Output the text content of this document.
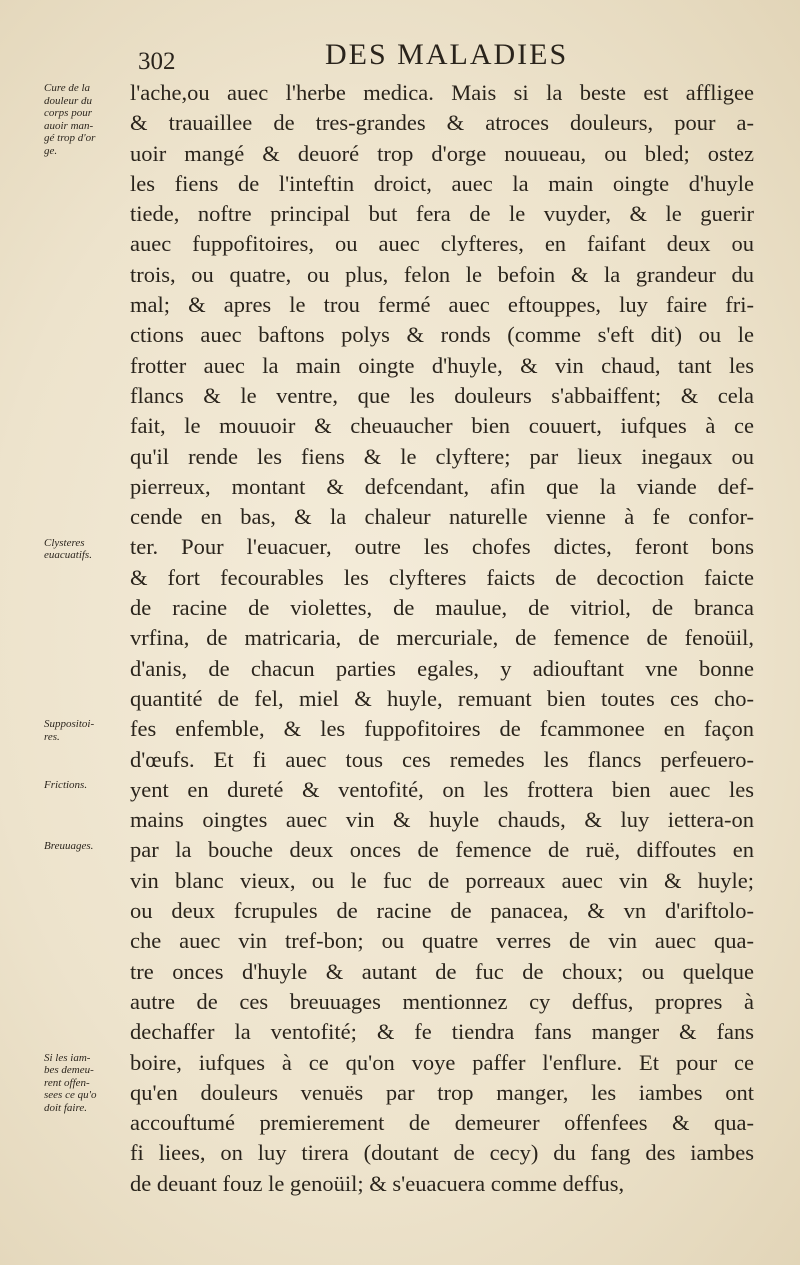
302	DES MALADIES
Cure de la
douleur du
corps pour
auoir man-
gé trop d'or
ge.
Clysteres
euacuatifs.
Suppositoi-
res.
Frictions.
Breuuages.
Si les iam-
bes demeu-
rent offen-
sees ce qu'o
doit faire.
l'ache,ou auec l'herbe medica. Mais si la beste est affligee
& trauaillee de tres-grandes & atroces douleurs, pour a-
uoir mangé & deuoré trop d'orge nouueau, ou bled; ostez
les fiens de l'inteftin droict, auec la main oingte d'huyle
tiede, noftre principal but fera de le vuyder, & le guerir
auec fuppofitoires, ou auec clyfteres, en faifant deux ou
trois, ou quatre, ou plus, felon le befoin & la grandeur du
mal; & apres le trou fermé auec eftouppes, luy faire fri-
ctions auec baftons polys & ronds (comme s'eft dit) ou le
frotter auec la main oingte d'huyle, & vin chaud, tant les
flancs & le ventre, que les douleurs s'abbaiffent; & cela
fait, le mouuoir & cheuaucher bien couuert, iufques à ce
qu'il rende les fiens & le clyftere; par lieux inegaux ou
pierreux, montant & defcendant, afin que la viande def-
cende en bas, & la chaleur naturelle vienne à fe confor-
ter. Pour l'euacuer, outre les chofes dictes, feront bons
& fort fecourables les clyfteres faicts de decoction faicte
de racine de violettes, de maulue, de vitriol, de branca
vrfina, de matricaria, de mercuriale, de femence de fenoüil,
d'anis, de chacun parties egales, y adiouftant vne bonne
quantité de fel, miel & huyle, remuant bien toutes ces cho-
fes enfemble, & les fuppofitoires de fcammonee en façon
d'œufs. Et fi auec tous ces remedes les flancs perfeuero-
yent en dureté & ventofité, on les frottera bien auec les
mains oingtes auec vin & huyle chauds, & luy iettera-on
par la bouche deux onces de femence de ruë, diffoutes en
vin blanc vieux, ou le fuc de porreaux auec vin & huyle;
ou deux fcrupules de racine de panacea, & vn d'ariftolo-
che auec vin tref-bon; ou quatre verres de vin auec qua-
tre onces d'huyle & autant de fuc de choux; ou quelque
autre de ces breuuages mentionnez cy deffus, propres à
dechaffer la ventofité; & fe tiendra fans manger & fans
boire, iufques à ce qu'on voye paffer l'enflure. Et pour ce
qu'en douleurs venuës par trop manger, les iambes ont
accouftumé premierement de demeurer offenfees & qua-
fi liees, on luy tirera (doutant de cecy) du fang des iambes
de deuant fouz le genoüil; & s'euacuera comme deffus,
